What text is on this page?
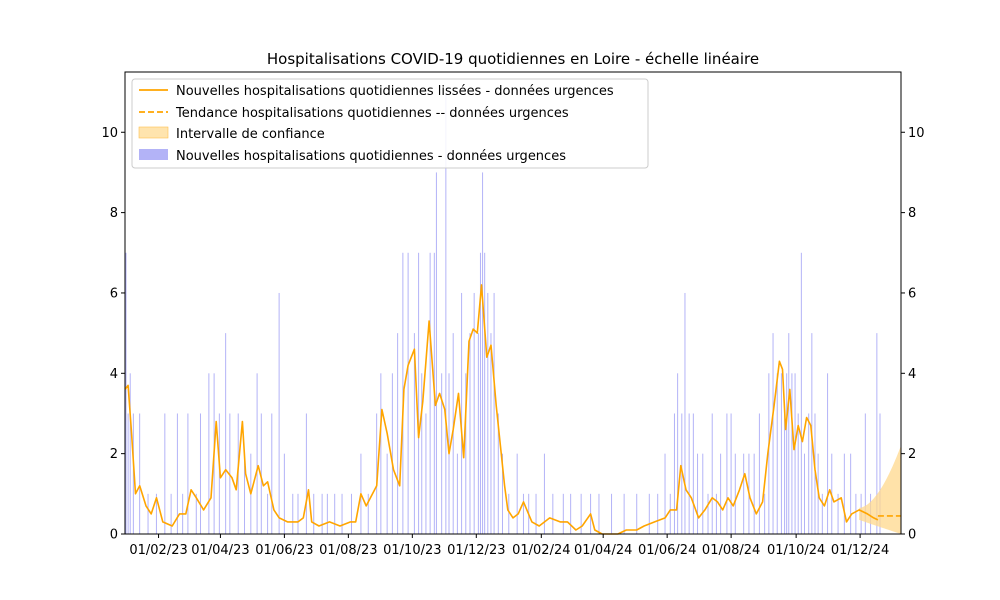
Hospitalisations COVID-19 quotidiennes en Loire - échelle linéaire
0
2
4
6
8
10
0
2
4
6
8
10
01/02/23 01/04/23 01/06/23 01/08/23 01/10/23 01/12/23 01/02/24 01/04/24 01/06/24 01/08/24 01/10/24 01/12/24
Nouvelles hospitalisations quotidiennes lissées - données urgences
Tendance hospitalisations quotidiennes -- données urgences
Intervalle de confiance
Nouvelles hospitalisations quotidiennes - données urgences
